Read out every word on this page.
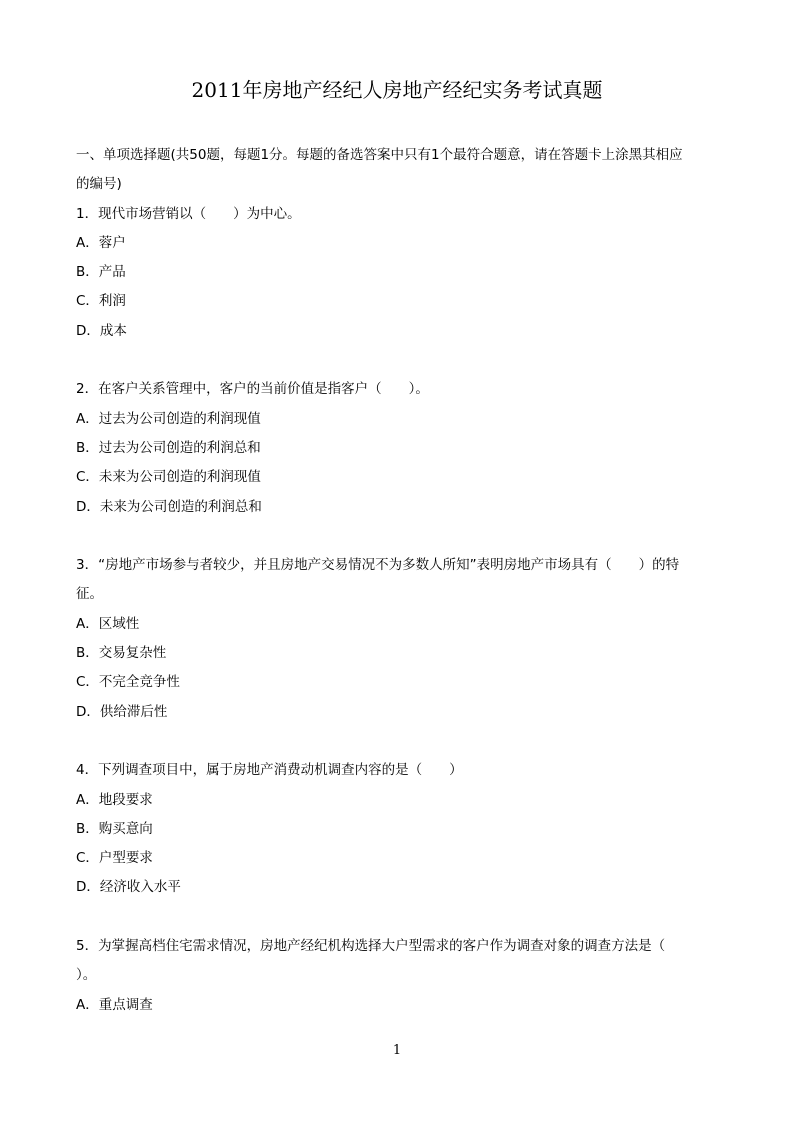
2011年房地产经纪人房地产经纪实务考试真题
一、单项选择题(共50题，每题1分。每题的备选答案中只有1个最符合题意，请在答题卡上涂黑其相应
的编号)
1．现代市场营销以（　　）为中心。
A．蓉户
B．产品
C．利润
D．成本
2．在客户关系管理中，客户的当前价值是指客户（　　）。
A．过去为公司创造的利润现值
B．过去为公司创造的利润总和
C．未来为公司创造的利润现值
D．未来为公司创造的利润总和
3．“房地产市场参与者较少，并且房地产交易情况不为多数人所知”表明房地产市场具有（　　）的特
征。
A．区域性
B．交易复杂性
C．不完全竞争性
D．供给滞后性
4．下列调查项目中，属于房地产消费动机调查内容的是（　　）
A．地段要求
B．购买意向
C．户型要求
D．经济收入水平
5．为掌握高档住宅需求情况，房地产经纪机构选择大户型需求的客户作为调查对象的调查方法是（
）。
A．重点调查
1
